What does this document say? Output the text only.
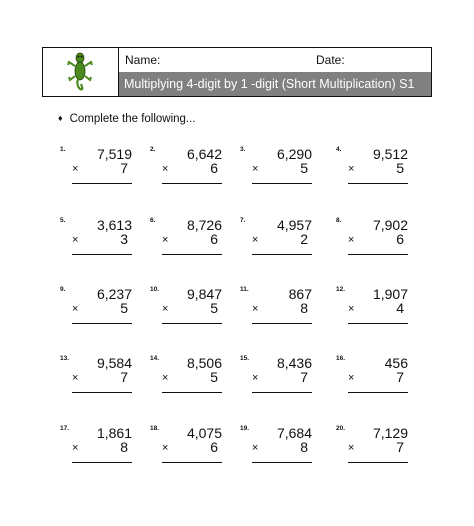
Name:	Date:
Multiplying 4-digit by 1 -digit (Short Multiplication) S1
♦ Complete the following...
1. 7,519
×	7
2. 6,642
×	6
3. 6,290
×	5
4. 9,512
×	5
5. 3,613
×	3
6. 8,726
×	6
7. 4,957
×	2
8. 7,902
×	6
9. 6,237
×	5
10. 9,847
×	5
11.	867
×	8
12. 1,907
×	4
13. 9,584
×	7
14. 8,506
×	5
15. 8,436
×	7
16.	456
×	7
17. 1,861
×	8
18. 4,075
×	6
19. 7,684
×	8
20. 7,129
×	7
